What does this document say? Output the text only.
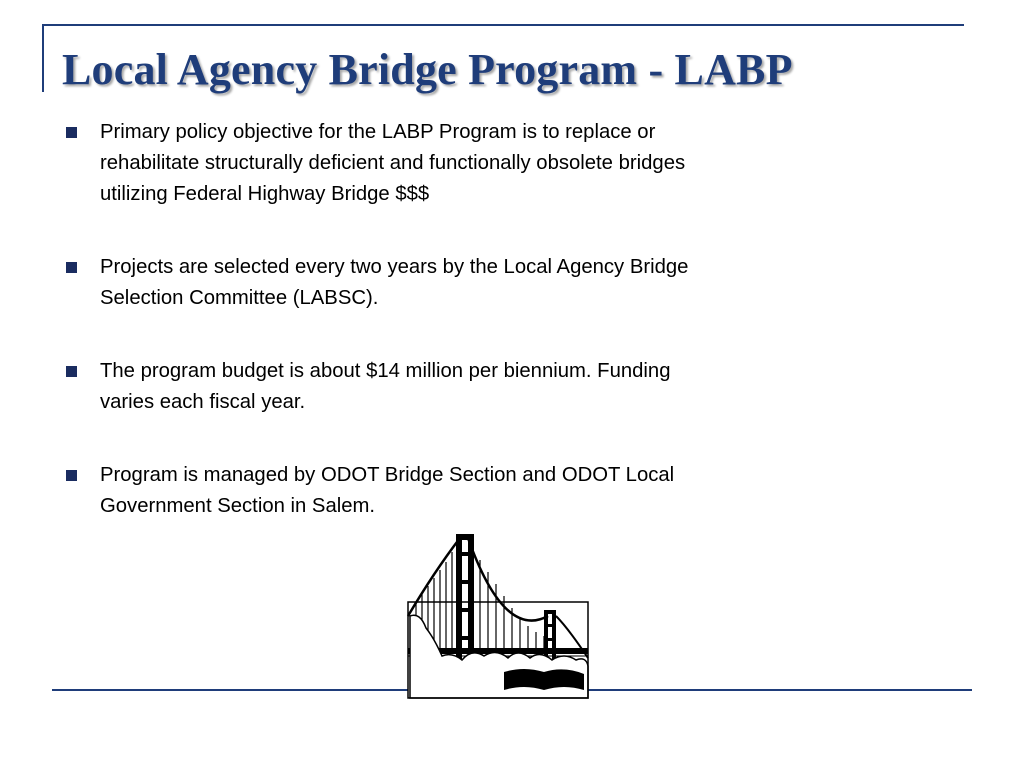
Local Agency Bridge Program - LABP
Primary policy objective for the LABP Program is to replace or
rehabilitate structurally deficient and functionally obsolete bridges
utilizing Federal Highway Bridge $$$
Projects are selected every two years by the Local Agency Bridge
Selection Committee (LABSC).
The program budget is about $14 million per biennium. Funding
varies each fiscal year.
Program is managed by ODOT Bridge Section and ODOT Local
Government Section in Salem.
